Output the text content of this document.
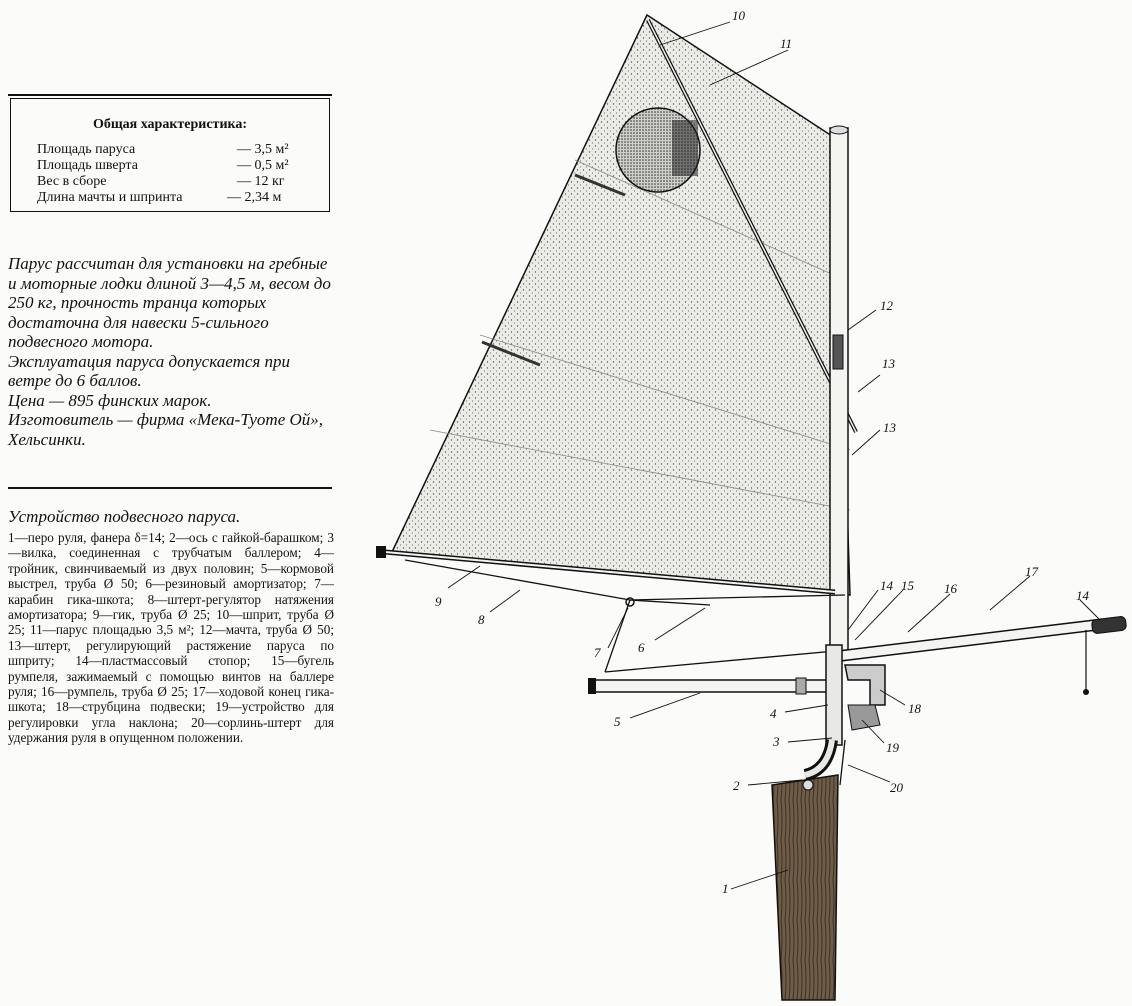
Общая характеристика:
Площадь паруса	— 3,5 м²
Площадь шверта	— 0,5 м²
Вес в сборе	— 12 кг
Длина мачты и шпринта	— 2,34 м

Парус рассчитан для установки на гребные и моторные лодки длиной 3—4,5 м, весом до 250 кг, прочность транца которых достаточна для навески 5-сильного подвесного мотора.

Эксплуатация паруса допускается при ветре до 6 баллов.

Цена — 895 финских марок.

Изготовитель — фирма «Мека-Туоте Ой», Хельсинки.

Устройство подвесного паруса.
1—перо руля, фанера δ=14; 2—ось с гайкой-барашком; 3—вилка, соединенная с трубчатым баллером; 4—тройник, свинчиваемый из двух половин; 5—кормовой выстрел, труба Ø 50; 6—резиновый амортизатор; 7—карабин гика-шкота; 8—штерт-регулятор натяжения амортизатора; 9—гик, труба Ø 25; 10—шприт, труба Ø 25; 11—парус площадью 3,5 м²; 12—мачта, труба Ø 50; 13—штерт, регулирующий растяжение паруса по шприту; 14—пластмассовый стопор; 15—бугель румпеля, зажимаемый с помощью винтов на баллере руля; 16—румпель, труба Ø 25; 17—ходовой конец гика-шкота; 18—струбцина подвески; 19—устройство для регулировки угла наклона; 20—сорлинь-штерт для удержания руля в опущенном положении.
1
2
3
4
5
6
7
8
9
10
11
12
13
13
14 15 16
17
14
18
19
20
